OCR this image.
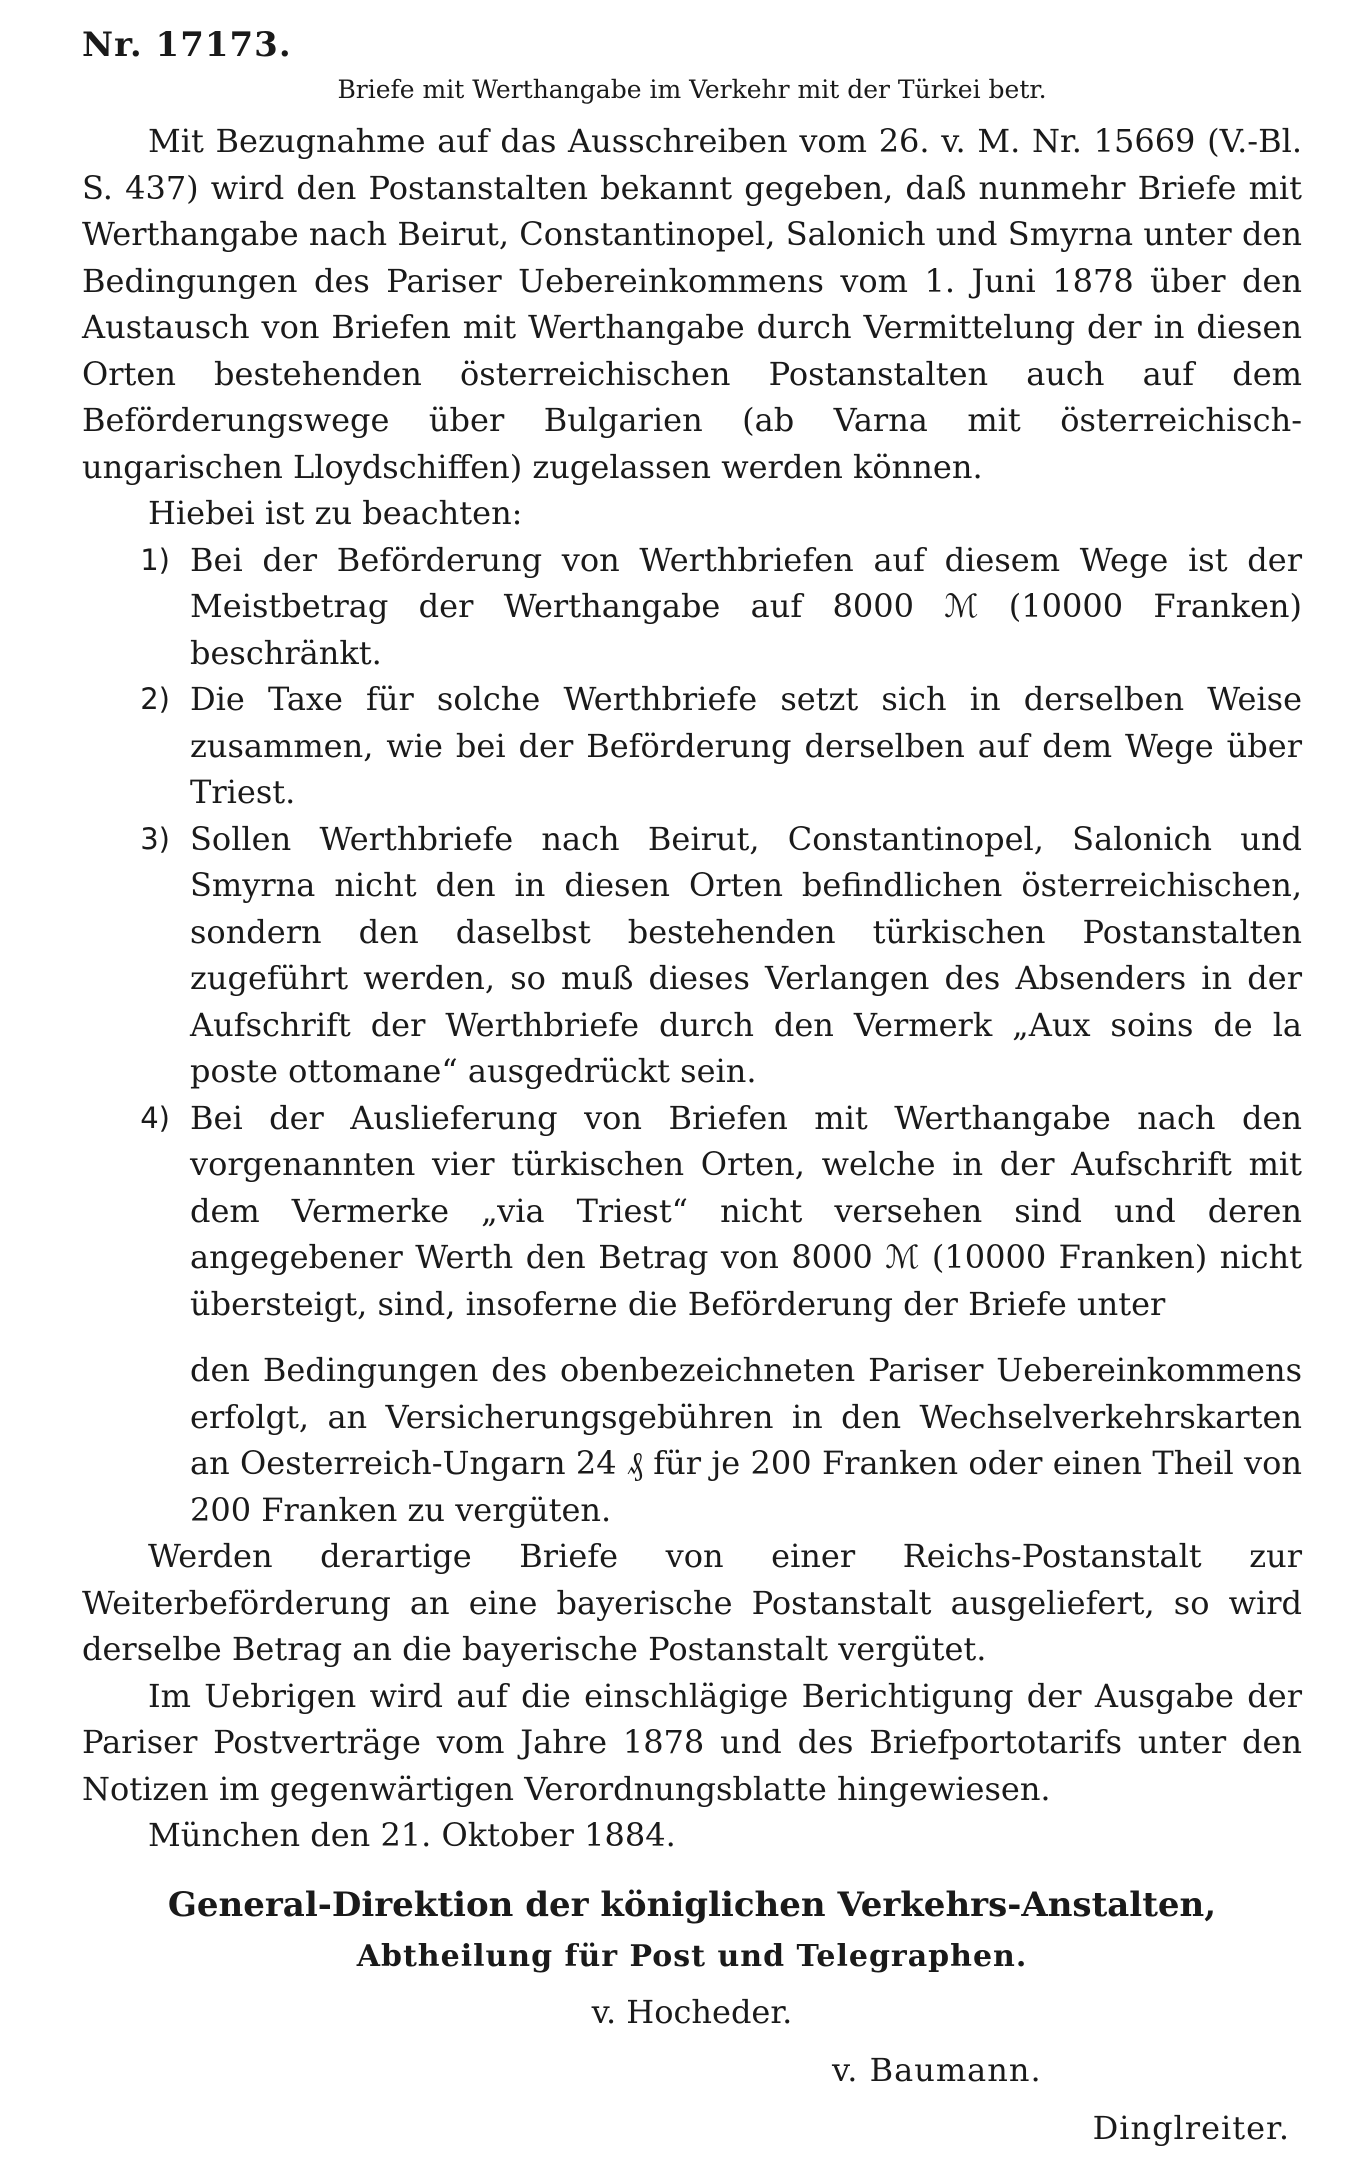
Nr. 17173.

Briefe mit Werthangabe im Verkehr mit der Türkei betr.

Mit Bezugnahme auf das Ausschreiben vom 26. v. M. Nr. 15669 (V.-Bl. S. 437) wird den Postanstalten bekannt gegeben, daß nunmehr Briefe mit Werthangabe nach Beirut, Constantinopel, Salonich und Smyrna unter den Bedingungen des Pariser Uebereinkommens vom 1. Juni 1878 über den Austausch von Briefen mit Werthangabe durch Vermittelung der in diesen Orten bestehenden österreichischen Postanstalten auch auf dem Beförderungswege über Bulgarien (ab Varna mit österreichisch-ungarischen Lloydschiffen) zugelassen werden können.

Hiebei ist zu beachten:

1) Bei der Beförderung von Werthbriefen auf diesem Wege ist der Meistbetrag der Werthangabe auf 8000 ℳ (10000 Franken) beschränkt.
2) Die Taxe für solche Werthbriefe setzt sich in derselben Weise zusammen, wie bei der Beförderung derselben auf dem Wege über Triest.
3) Sollen Werthbriefe nach Beirut, Constantinopel, Salonich und Smyrna nicht den in diesen Orten befindlichen österreichischen, sondern den daselbst bestehenden türkischen Postanstalten zugeführt werden, so muß dieses Verlangen des Absenders in der Aufschrift der Werthbriefe durch den Vermerk „Aux soins de la poste ottomane“ ausgedrückt sein.
4) Bei der Auslieferung von Briefen mit Werthangabe nach den vorgenannten vier türkischen Orten, welche in der Aufschrift mit dem Vermerke „via Triest“ nicht versehen sind und deren angegebener Werth den Betrag von 8000 ℳ (10000 Franken) nicht übersteigt, sind, insoferne die Beförderung der Briefe unter
den Bedingungen des obenbezeichneten Pariser Uebereinkommens erfolgt, an Versicherungsgebühren in den Wechselverkehrskarten an Oesterreich-Ungarn 24 ₰ für je 200 Franken oder einen Theil von 200 Franken zu vergüten.

Werden derartige Briefe von einer Reichs-Postanstalt zur Weiterbeförderung an eine bayerische Postanstalt ausgeliefert, so wird derselbe Betrag an die bayerische Postanstalt vergütet.

Im Uebrigen wird auf die einschlägige Berichtigung der Ausgabe der Pariser Postverträge vom Jahre 1878 und des Briefportotarifs unter den Notizen im gegenwärtigen Verordnungsblatte hingewiesen.

München den 21. Oktober 1884.

General-Direktion der königlichen Verkehrs-Anstalten,

Abtheilung für Post und Telegraphen.

v. Hocheder.

v. Baumann.

Dinglreiter.
